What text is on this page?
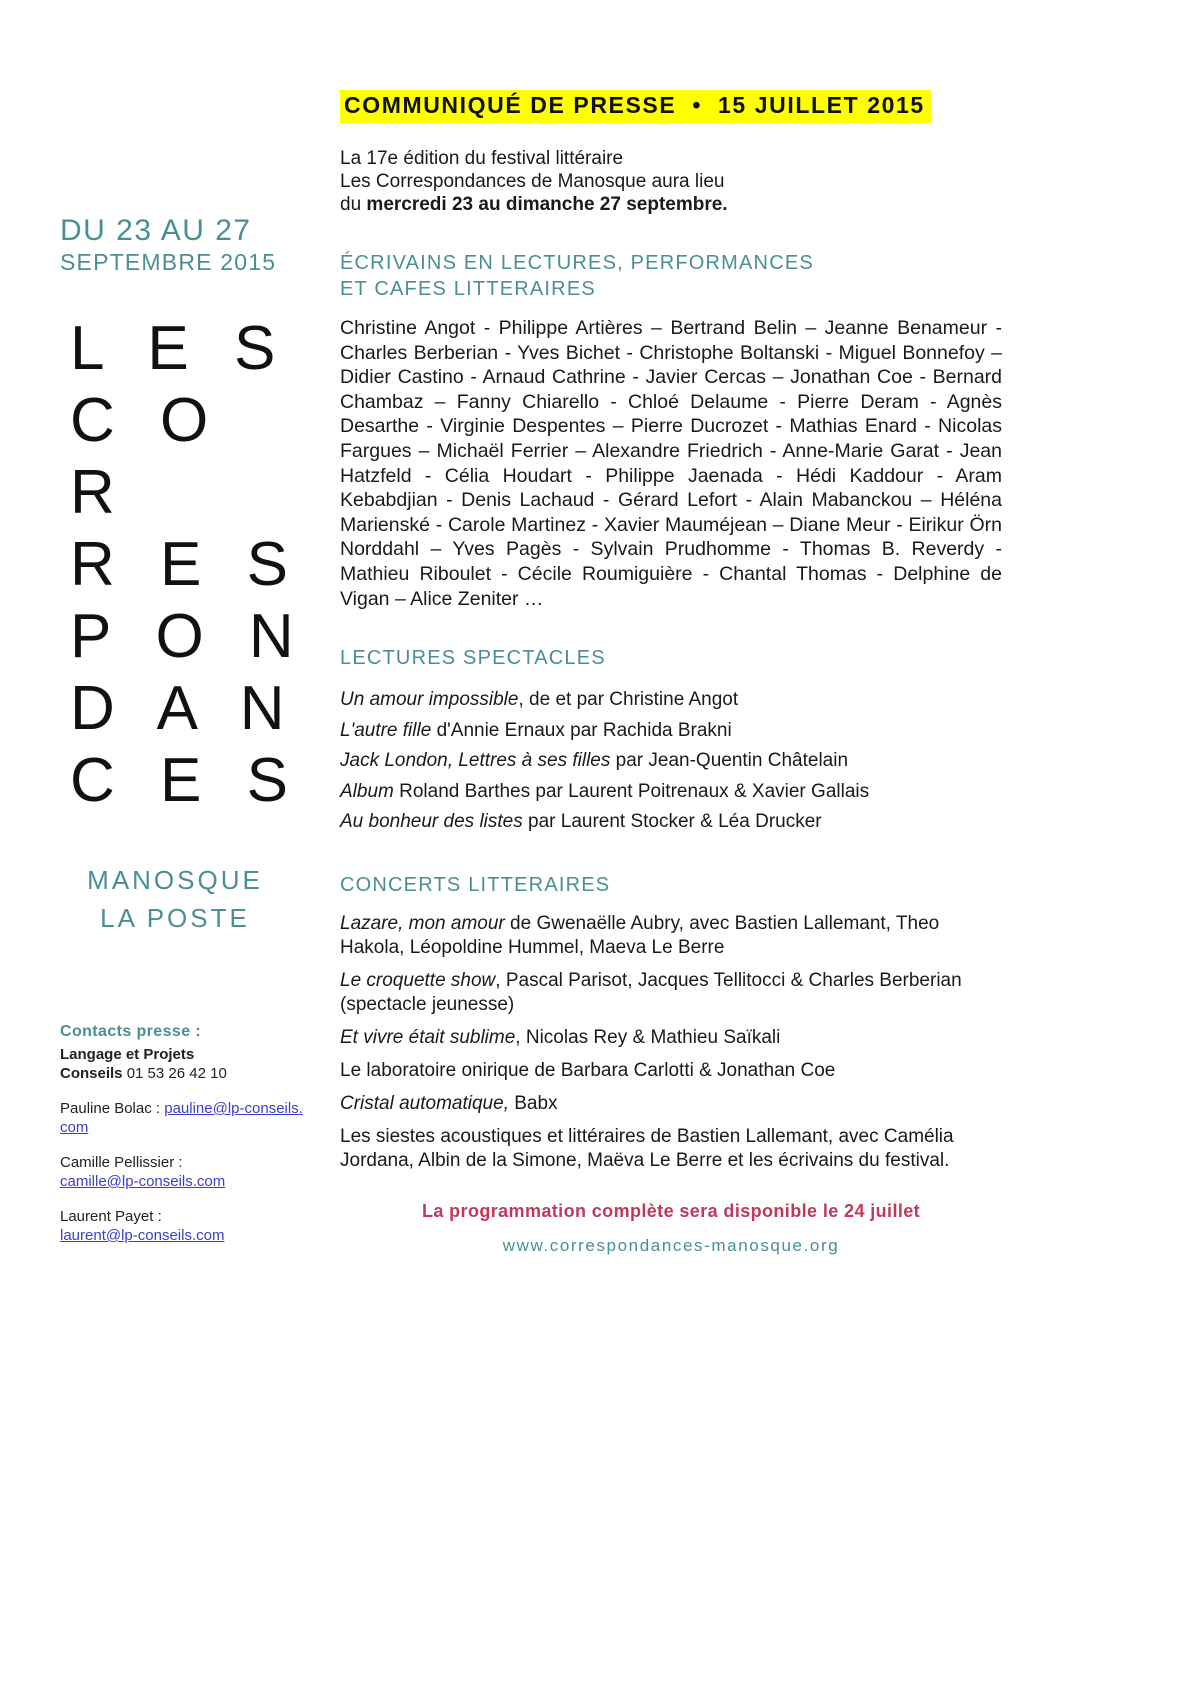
DU 23 AU 27
SEPTEMBRE 2015
L E S
C O R
R E S
P O N
D A N
C E S
MANOSQUE
LA POSTE
Contacts presse :
Langage et Projets
Conseils 01 53 26 42 10
Pauline Bolac : pauline@lp-conseils.com
Camille Pellissier :
camille@lp-conseils.com
Laurent Payet :
laurent@lp-conseils.com
COMMUNIQUÉ DE PRESSE • 15 JUILLET 2015
La 17e édition du festival littéraire
Les Correspondances de Manosque aura lieu
du mercredi 23 au dimanche 27 septembre.
ÉCRIVAINS EN LECTURES, PERFORMANCES
ET CAFES LITTERAIRES
Christine Angot - Philippe Artières – Bertrand Belin – Jeanne Benameur - Charles Berberian - Yves Bichet - Christophe Boltanski - Miguel Bonnefoy – Didier Castino - Arnaud Cathrine - Javier Cercas – Jonathan Coe - Bernard Chambaz – Fanny Chiarello - Chloé Delaume - Pierre Deram - Agnès Desarthe - Virginie Despentes – Pierre Ducrozet - Mathias Enard - Nicolas Fargues – Michaël Ferrier – Alexandre Friedrich - Anne-Marie Garat - Jean Hatzfeld - Célia Houdart - Philippe Jaenada - Hédi Kaddour - Aram Kebabdjian - Denis Lachaud - Gérard Lefort - Alain Mabanckou – Héléna Marienské - Carole Martinez - Xavier Mauméjean – Diane Meur - Eirikur Örn Norddahl – Yves Pagès - Sylvain Prudhomme - Thomas B. Reverdy - Mathieu Riboulet - Cécile Roumiguière - Chantal Thomas - Delphine de Vigan – Alice Zeniter …
LECTURES SPECTACLES
Un amour impossible, de et par Christine Angot
L'autre fille d'Annie Ernaux par Rachida Brakni
Jack London, Lettres à ses filles par Jean-Quentin Châtelain
Album Roland Barthes par Laurent Poitrenaux & Xavier Gallais
Au bonheur des listes par Laurent Stocker & Léa Drucker
CONCERTS LITTERAIRES
Lazare, mon amour de Gwenaëlle Aubry, avec Bastien Lallemant, Theo Hakola, Léopoldine Hummel, Maeva Le Berre
Le croquette show, Pascal Parisot, Jacques Tellitocci & Charles Berberian (spectacle jeunesse)
Et vivre était sublime, Nicolas Rey & Mathieu Saïkali
Le laboratoire onirique de Barbara Carlotti & Jonathan Coe
Cristal automatique, Babx
Les siestes acoustiques et littéraires de Bastien Lallemant, avec Camélia Jordana, Albin de la Simone, Maëva Le Berre et les écrivains du festival.
La programmation complète sera disponible le 24 juillet
www.correspondances-manosque.org
